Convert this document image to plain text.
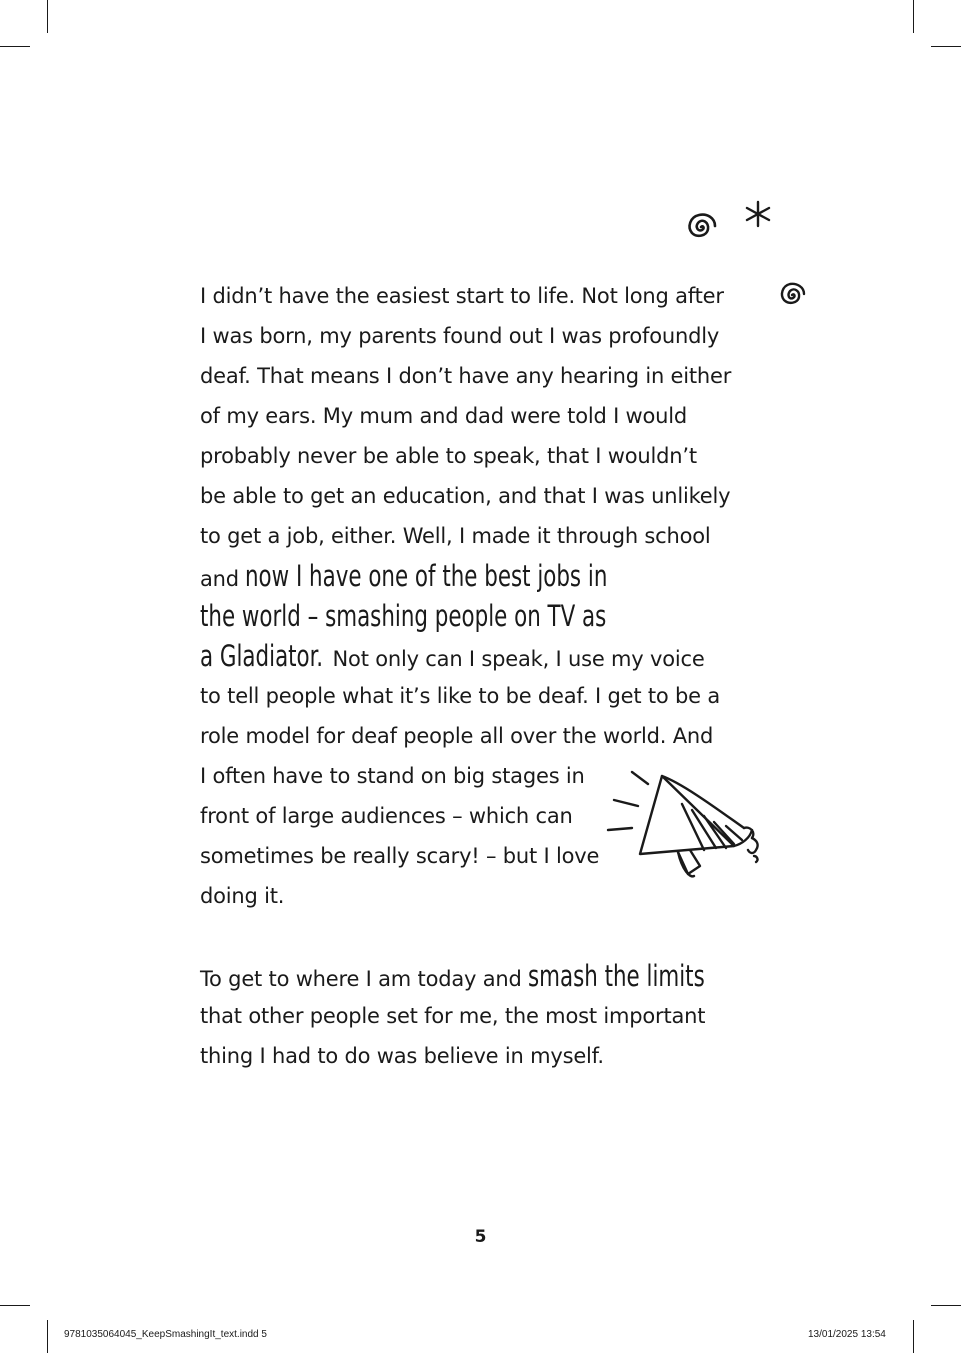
I didn’t have the easiest start to life. Not long after
I was born, my parents found out I was profoundly
deaf. That means I don’t have any hearing in either
of my ears. My mum and dad were told I would
probably never be able to speak, that I wouldn’t
be able to get an education, and that I was unlikely
to get a job, either. Well, I made it through school
and now I have one of the best jobs in
the world – smashing people on TV as
a Gladiator. Not only can I speak, I use my voice
to tell people what it’s like to be deaf. I get to be a
role model for deaf people all over the world. And
I often have to stand on big stages in
front of large audiences – which can
sometimes be really scary! – but I love
doing it.
To get to where I am today and smash the limits
that other people set for me, the most important
thing I had to do was believe in myself.
5
9781035064045_KeepSmashingIt_text.indd 5	13/01/2025 13:54
